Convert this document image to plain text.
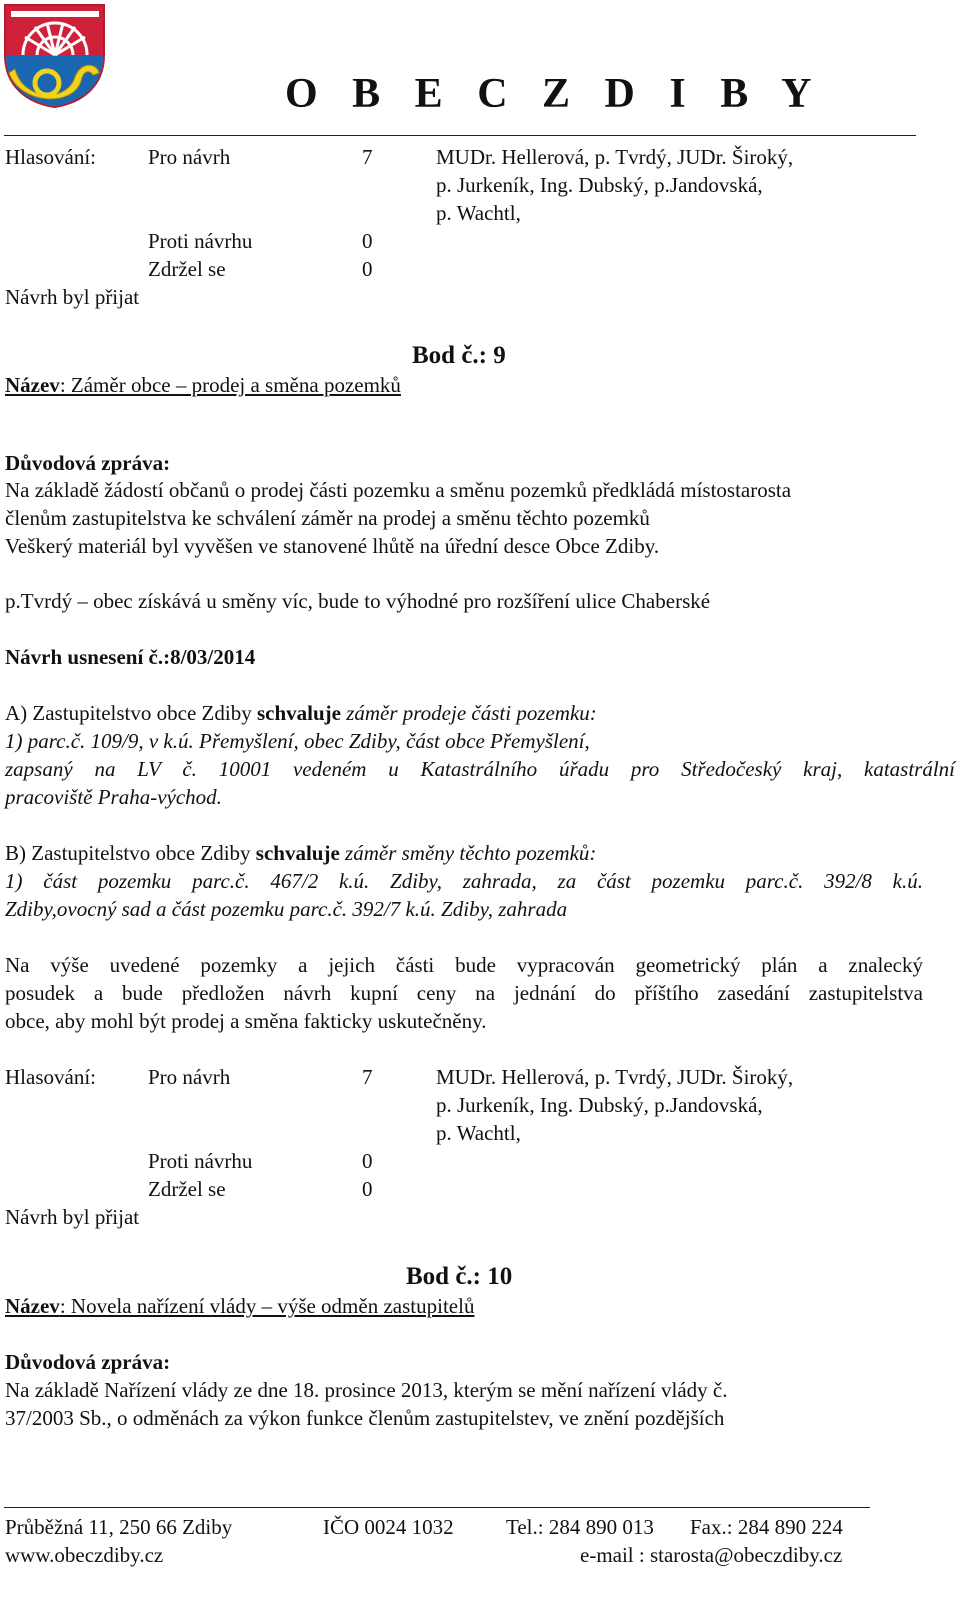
O B E C Z D I B Y
Hlasování: Pro návrh	7	MUDr. Hellerová, p. Tvrdý, JUDr. Široký,
p. Jurkeník, Ing. Dubský, p.Jandovská,
p. Wachtl,
Proti návrhu	0
Zdržel se	0
Návrh byl přijat
Bod č.: 9
Název: Záměr obce – prodej a směna pozemků
Důvodová zpráva:
Na základě žádostí občanů o prodej části pozemku a směnu pozemků předkládá místostarosta
členům zastupitelstva ke schválení záměr na prodej a směnu těchto pozemků
Veškerý materiál byl vyvěšen ve stanovené lhůtě na úřední desce Obce Zdiby.
p.Tvrdý – obec získává u směny víc, bude to výhodné pro rozšíření ulice Chaberské
Návrh usnesení č.:8/03/2014
A) Zastupitelstvo obce Zdiby schvaluje záměr prodeje části pozemku:
1) parc.č. 109/9, v k.ú. Přemyšlení, obec Zdiby, část obce Přemyšlení,
zapsaný na LV č. 10001 vedeném u Katastrálního úřadu pro Středočeský kraj, katastrální
pracoviště Praha-východ.
B) Zastupitelstvo obce Zdiby schvaluje záměr směny těchto pozemků:
1) část pozemku parc.č. 467/2 k.ú. Zdiby, zahrada, za část pozemku parc.č. 392/8 k.ú.
Zdiby,ovocný sad a část pozemku parc.č. 392/7 k.ú. Zdiby, zahrada
Na výše uvedené pozemky a jejich části bude vypracován geometrický plán a znalecký
posudek a bude předložen návrh kupní ceny na jednání do příštího zasedání zastupitelstva
obce, aby mohl být prodej a směna fakticky uskutečněny.
Hlasování: Pro návrh	7	MUDr. Hellerová, p. Tvrdý, JUDr. Široký,
p. Jurkeník, Ing. Dubský, p.Jandovská,
p. Wachtl,
Proti návrhu	0
Zdržel se	0
Návrh byl přijat
Bod č.: 10
Název: Novela nařízení vlády – výše odměn zastupitelů
Důvodová zpráva:
Na základě Nařízení vlády ze dne 18. prosince 2013, kterým se mění nařízení vlády č.
37/2003 Sb., o odměnách za výkon funkce členům zastupitelstev, ve znění pozdějších
Průběžná 11, 250 66 Zdiby	IČO 0024 1032 Tel.: 284 890 013 Fax.: 284 890 224
www.obeczdiby.cz	e-mail : starosta@obeczdiby.cz
